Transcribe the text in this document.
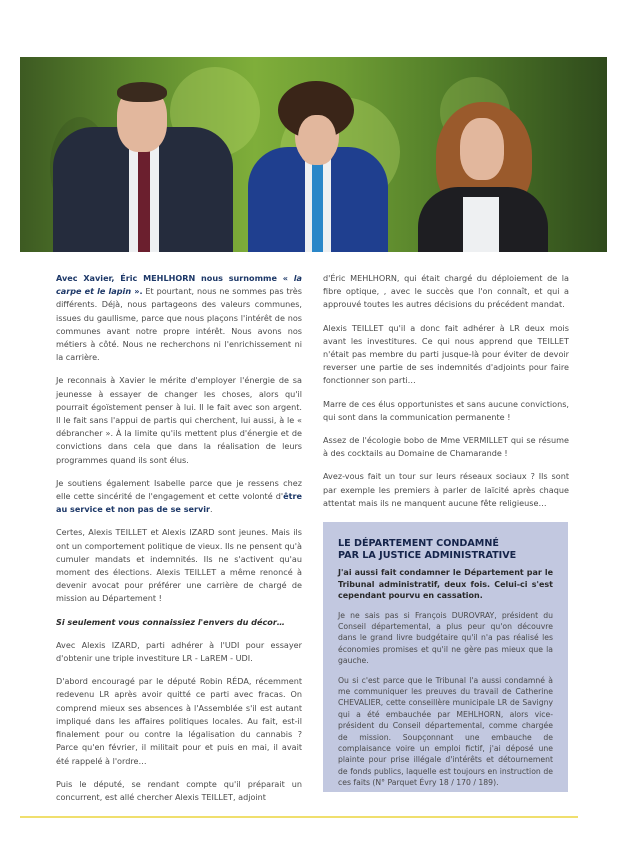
Avec Xavier, Éric MEHLHORN nous surnomme « la carpe et le lapin ». Et pourtant, nous ne sommes pas très différents. Déjà, nous partageons des valeurs communes, issues du gaullisme, parce que nous plaçons l'intérêt de nos communes avant notre propre intérêt. Nous avons nos métiers à côté. Nous ne recherchons ni l'enrichissement ni la carrière.

Je reconnais à Xavier le mérite d'employer l'énergie de sa jeunesse à essayer de changer les choses, alors qu'il pourrait égoïstement penser à lui. Il le fait avec son argent. Il le fait sans l'appui de partis qui cherchent, lui aussi, à le « débrancher ». À la limite qu'ils mettent plus d'énergie et de convictions dans cela que dans la réalisation de leurs programmes quand ils sont élus.

Je soutiens également Isabelle parce que je ressens chez elle cette sincérité de l'engagement et cette volonté d'être au service et non pas de se servir.

Certes, Alexis TEILLET et Alexis IZARD sont jeunes. Mais ils ont un comportement politique de vieux. Ils ne pensent qu'à cumuler mandats et indemnités. Ils ne s'activent qu'au moment des élections. Alexis TEILLET a même renoncé à devenir avocat pour préférer une carrière de chargé de mission au Département !

Si seulement vous connaissiez l'envers du décor…

Avec Alexis IZARD, parti adhérer à l'UDI pour essayer d'obtenir une triple investiture LR - LaREM - UDI.

D'abord encouragé par le député Robin RÉDA, récemment redevenu LR après avoir quitté ce parti avec fracas. On comprend mieux ses absences à l'Assemblée s'il est autant impliqué dans les affaires politiques locales. Au fait, est-il finalement pour ou contre la légalisation du cannabis ? Parce qu'en février, il militait pour et puis en mai, il avait été rappelé à l'ordre…

Puis le député, se rendant compte qu'il préparait un concurrent, est allé chercher Alexis TEILLET, adjoint

d'Éric MEHLHORN, qui était chargé du déploiement de la fibre optique, , avec le succès que l'on connaît, et qui a approuvé toutes les autres décisions du précédent mandat.

Alexis TEILLET qu'il a donc fait adhérer à LR deux mois avant les investitures. Ce qui nous apprend que TEILLET n'était pas membre du parti jusque-là pour éviter de devoir reverser une partie de ses indemnités d'adjoints pour faire fonctionner son parti…

Marre de ces élus opportunistes et sans aucune convictions, qui sont dans la communication permanente !

Assez de l'écologie bobo de Mme VERMILLET qui se résume à des cocktails au Domaine de Chamarande !

Avez-vous fait un tour sur leurs réseaux sociaux ? Ils sont par exemple les premiers à parler de laïcité après chaque attentat mais ils ne manquent aucune fête religieuse…

LE DÉPARTEMENT CONDAMNÉ
PAR LA JUSTICE ADMINISTRATIVE

J'ai aussi fait condamner le Département par le Tribunal administratif, deux fois. Celui-ci s'est cependant pourvu en cassation.

Je ne sais pas si François DUROVRAY, président du Conseil départemental, a plus peur qu'on découvre dans le grand livre budgétaire qu'il n'a pas réalisé les économies promises et qu'il ne gère pas mieux que la gauche.

Ou si c'est parce que le Tribunal l'a aussi condamné à me communiquer les preuves du travail de Catherine CHEVALIER, cette conseillère municipale LR de Savigny qui a été embauchée par MEHLHORN, alors vice-président du Conseil départemental, comme chargée de mission. Soupçonnant une embauche de complaisance voire un emploi fictif, j'ai déposé une plainte pour prise illégale d'intérêts et détournement de fonds publics, laquelle est toujours en instruction de ces faits (N° Parquet Évry 18 / 170 / 189).
